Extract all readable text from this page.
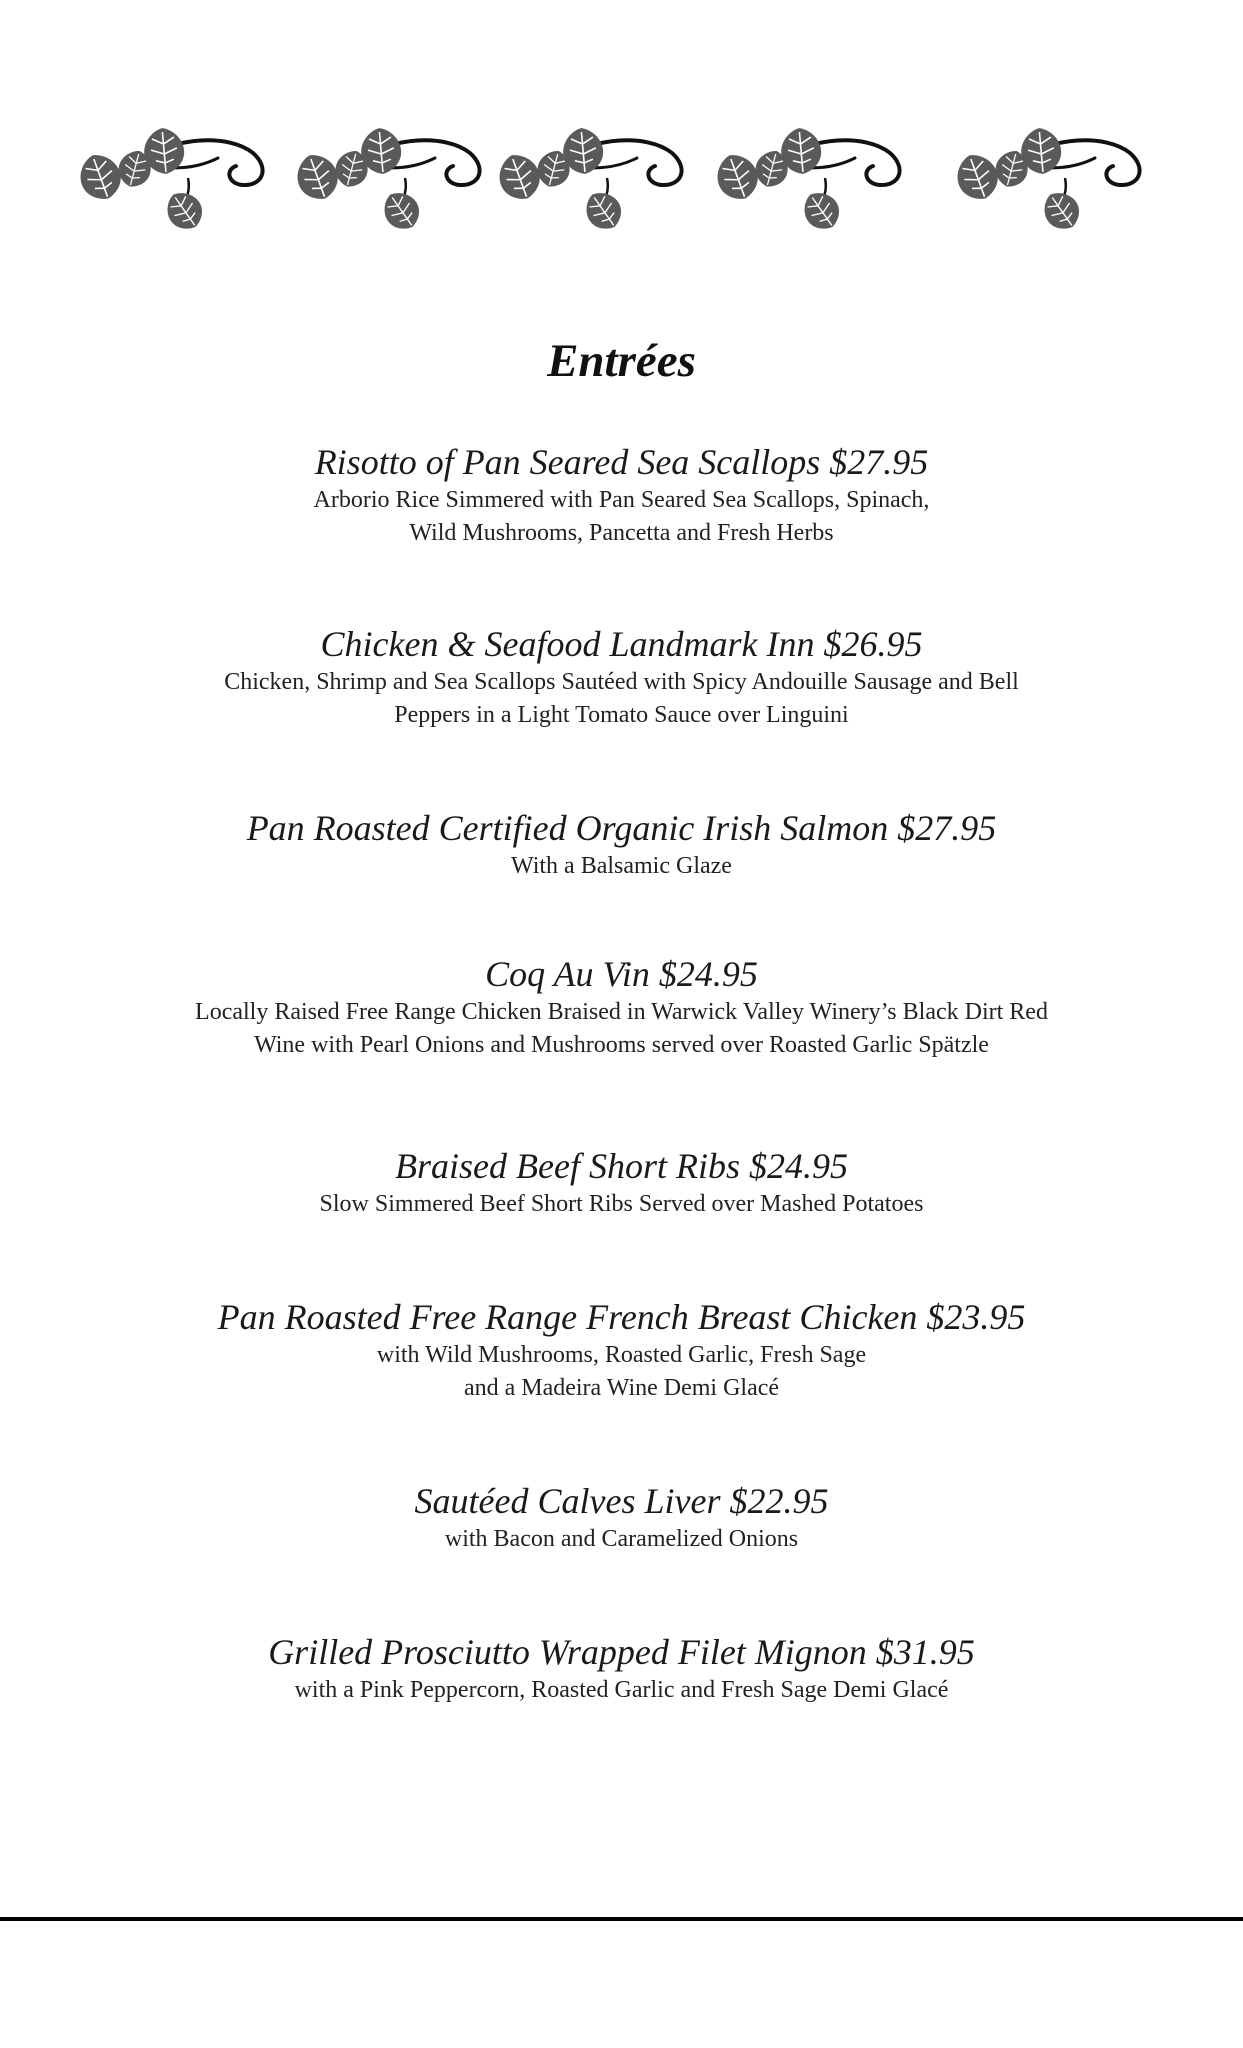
Entrées

Risotto of Pan Seared Sea Scallops $27.95

Arborio Rice Simmered with Pan Seared Sea Scallops, Spinach,

Wild Mushrooms, Pancetta and Fresh Herbs

Chicken & Seafood Landmark Inn $26.95

Chicken, Shrimp and Sea Scallops Sautéed with Spicy Andouille Sausage and Bell

Peppers in a Light Tomato Sauce over Linguini

Pan Roasted Certified Organic Irish Salmon $27.95

With a Balsamic Glaze

Coq Au Vin $24.95

Locally Raised Free Range Chicken Braised in Warwick Valley Winery’s Black Dirt Red

Wine with Pearl Onions and Mushrooms served over Roasted Garlic Spätzle

Braised Beef Short Ribs $24.95

Slow Simmered Beef Short Ribs Served over Mashed Potatoes

Pan Roasted Free Range French Breast Chicken $23.95

with Wild Mushrooms, Roasted Garlic, Fresh Sage

and a Madeira Wine Demi Glacé

Sautéed Calves Liver $22.95

with Bacon and Caramelized Onions

Grilled Prosciutto Wrapped Filet Mignon $31.95

with a Pink Peppercorn, Roasted Garlic and Fresh Sage Demi Glacé
